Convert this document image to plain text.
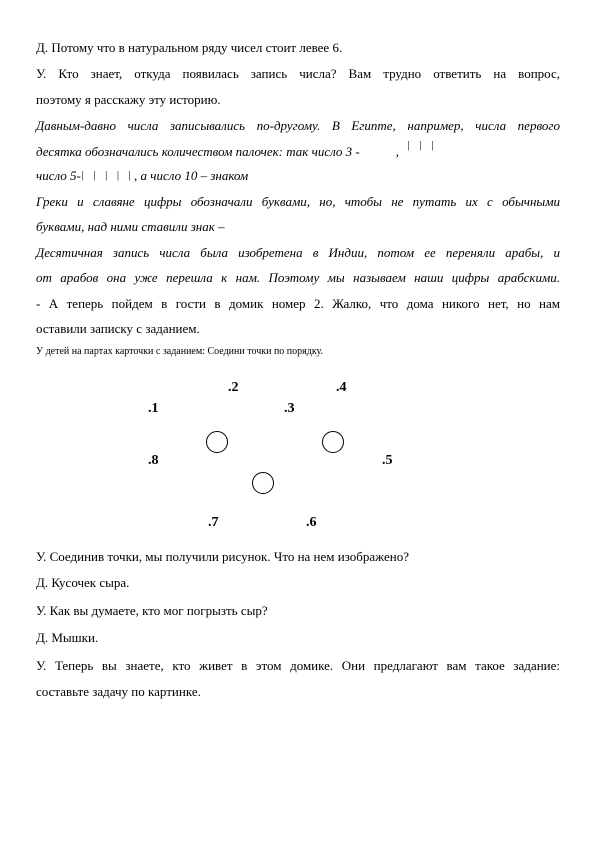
Д. Потому что в натуральном ряду чисел стоит левее 6.
У. Кто знает, откуда появилась запись числа? Вам трудно ответить на вопрос,
поэтому я расскажу эту историю.
Давным-давно числа записывались по-другому. В Египте, например, числа первого
десятка обозначались количеством палочек: так число 3 -	, | | |
число 5-| | | | |, а число 10 – знаком
Греки и славяне цифры обозначали буквами, но, чтобы не путать их с обычными
буквами, над ними ставили знак –
Десятичная запись числа была изобретена в Индии, потом ее переняли арабы, и
от арабов она уже перешла к нам. Поэтому мы называем наши цифры арабскими.
- А теперь пойдем в гости в домик номер 2. Жалко, что дома никого нет, но нам
оставили записку с заданием.
У детей на партах карточки с заданием: Соедини точки по порядку.
.2	.4
.1	.3
.8	.5
.7	.6
У. Соединив точки, мы получили рисунок. Что на нем изображено?
Д. Кусочек сыра.
У. Как вы думаете, кто мог погрызть сыр?
Д. Мышки.
У. Теперь вы знаете, кто живет в этом домике. Они предлагают вам такое задание:
составьте задачу по картинке.
